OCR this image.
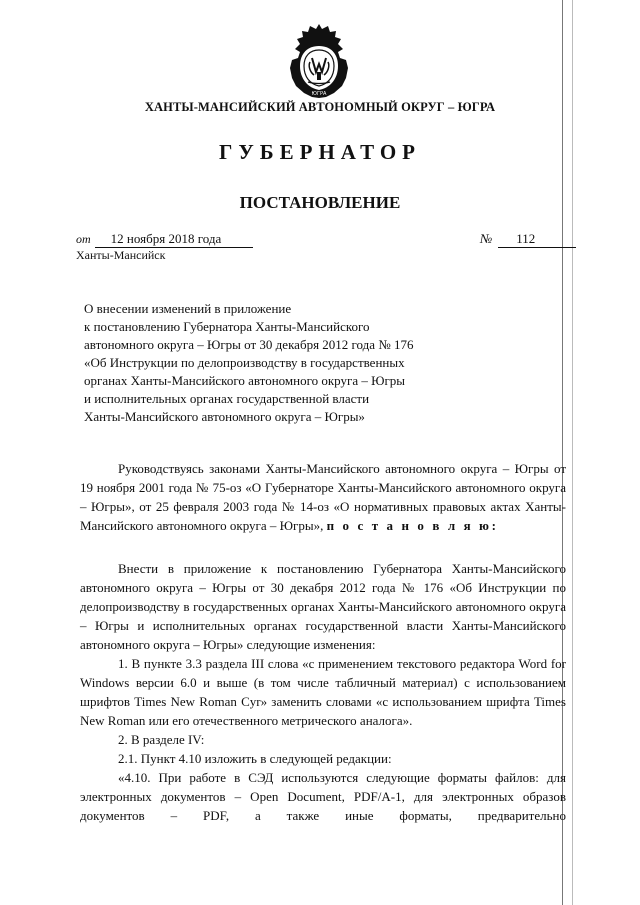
ЮГРА
ХАНТЫ-МАНСИЙСКИЙ АВТОНОМНЫЙ ОКРУГ – ЮГРА
ГУБЕРНАТОР
ПОСТАНОВЛЕНИЕ
от 12 ноября 2018 года	№ 112
Ханты-Мансийск
О внесении изменений в приложение
к постановлению Губернатора Ханты-Мансийского
автономного округа – Югры от 30 декабря 2012 года № 176
«Об Инструкции по делопроизводству в государственных
органах Ханты-Мансийского автономного округа – Югры
и исполнительных органах государственной власти
Ханты-Мансийского автономного округа – Югры»

Руководствуясь законами Ханты-Мансийского автономного округа – Югры от 19 ноября 2001 года № 75-оз «О Губернаторе Ханты-Мансийского автономного округа – Югры», от 25 февраля 2003 года № 14-оз «О нормативных правовых актах Ханты-Мансийского автономного округа – Югры», п о с т а н о в л я ю:

Внести в приложение к постановлению Губернатора Ханты-Мансийского автономного округа – Югры от 30 декабря 2012 года № 176 «Об Инструкции по делопроизводству в государственных органах Ханты-Мансийского автономного округа – Югры и исполнительных органах государственной власти Ханты-Мансийского автономного округа – Югры» следующие изменения:

1. В пункте 3.3 раздела III слова «с применением текстового редактора Word for Windows версии 6.0 и выше (в том числе табличный материал) с использованием шрифтов Times New Roman Cyr» заменить словами «с использованием шрифта Times New Roman или его отечественного метрического аналога».

2. В разделе IV:

2.1. Пункт 4.10 изложить в следующей редакции:

«4.10. При работе в СЭД используются следующие форматы файлов: для электронных документов – Open Document, PDF/A-1, для электронных образов документов – PDF, а также иные форматы, предварительно
